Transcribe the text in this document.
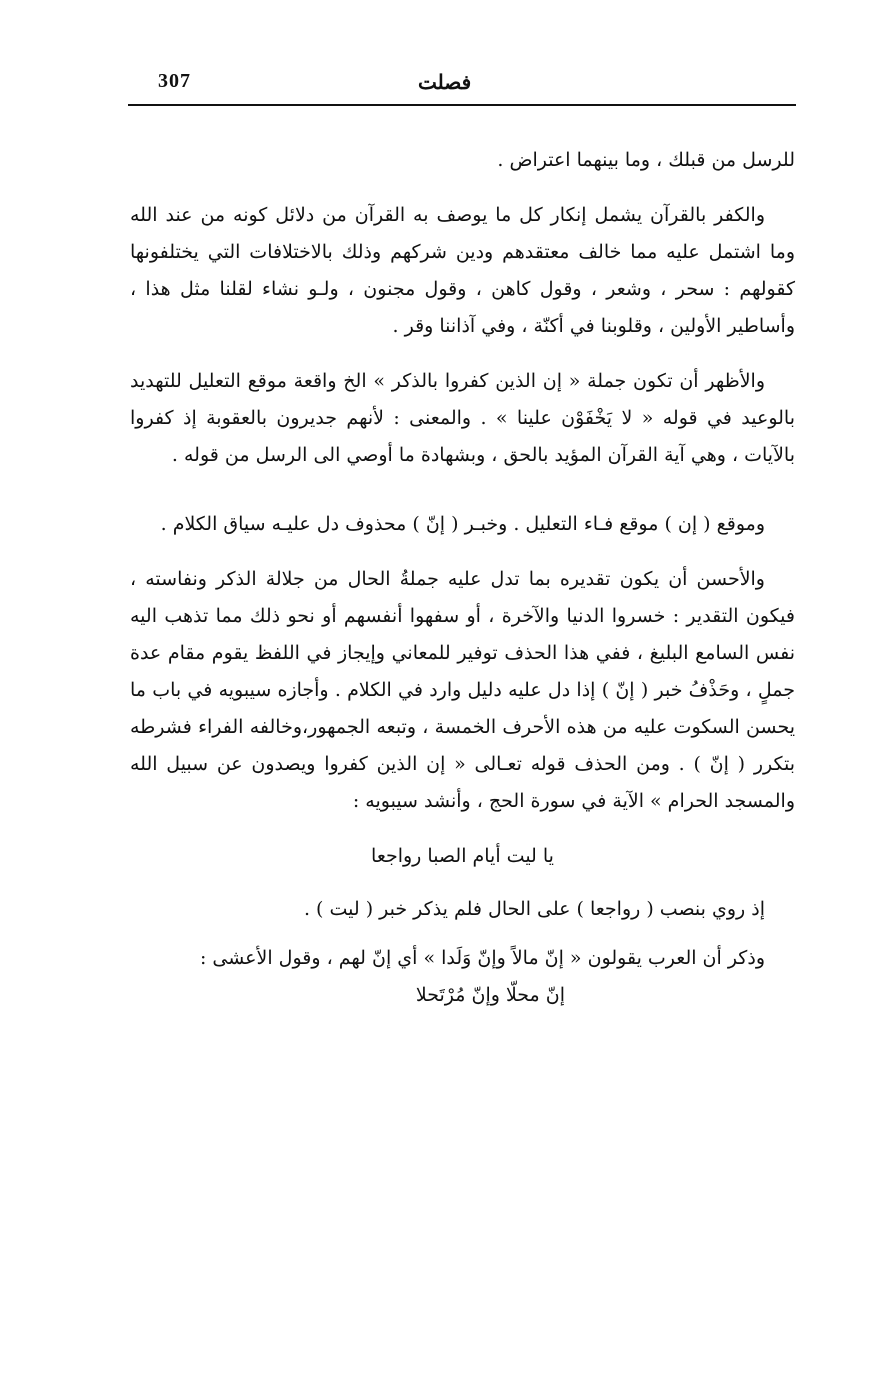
307	فصلت

للرسل من قبلك ، وما بينهما اعتراض .

والكفر بالقرآن يشمل إنكار كل ما يوصف به القرآن من دلائل كونه من عند الله وما اشتمل عليه مما خالف معتقدهم ودين شركهم وذلك بالاختلافات التي يختلفونها كقولهم : سحر ، وشعر ، وقول كاهن ، وقول مجنون ، ولـو نشاء لقلنا مثل هذا ، وأساطير الأولين ، وقلوبنا في أكنّة ، وفي آذاننا وقر .

والأظهر أن تكون جملة « إن الذين كفروا بالذكر » الخ واقعة موقع التعليل للتهديد بالوعيد في قوله « لا يَخْفَوْن علينا » . والمعنى : لأنهم جديرون بالعقوبة إذ كفروا بالآيات ، وهي آية القرآن المؤيد بالحق ، وبشهادة ما أوصي الى الرسل من قوله .

وموقع ( إن ) موقع فـاء التعليل . وخبـر ( إنّ ) محذوف دل عليـه سياق الكلام .

والأحسن أن يكون تقديره بما تدل عليه جملةُ الحال من جلالة الذكر ونفاسته ، فيكون التقدير : خسروا الدنيا والآخرة ، أو سفهوا أنفسهم أو نحو ذلك مما تذهب اليه نفس السامع البليغ ، ففي هذا الحذف توفير للمعاني وإيجاز في اللفظ يقوم مقام عدة جملٍ ، وحَذْفُ خبر ( إنّ ) إذا دل عليه دليل وارد في الكلام . وأجازه سيبويه في باب ما يحسن السكوت عليه من هذه الأحرف الخمسة ، وتبعه الجمهور،وخالفه الفراء فشرطه بتكرر ( إنّ ) . ومن الحذف قوله تعـالى « إن الذين كفروا ويصدون عن سبيل الله والمسجد الحرام » الآية في سورة الحج ، وأنشد سيبويه :

يا ليت أيام الصبا رواجعا

إذ روي بنصب ( رواجعا ) على الحال فلم يذكر خبر ( ليت ) .

وذكر أن العرب يقولون « إنّ مالاً وإنّ وَلَدا » أي إنّ لهم ، وقول الأعشى :

إنّ محلّا وإنّ مُرْتَحلا
